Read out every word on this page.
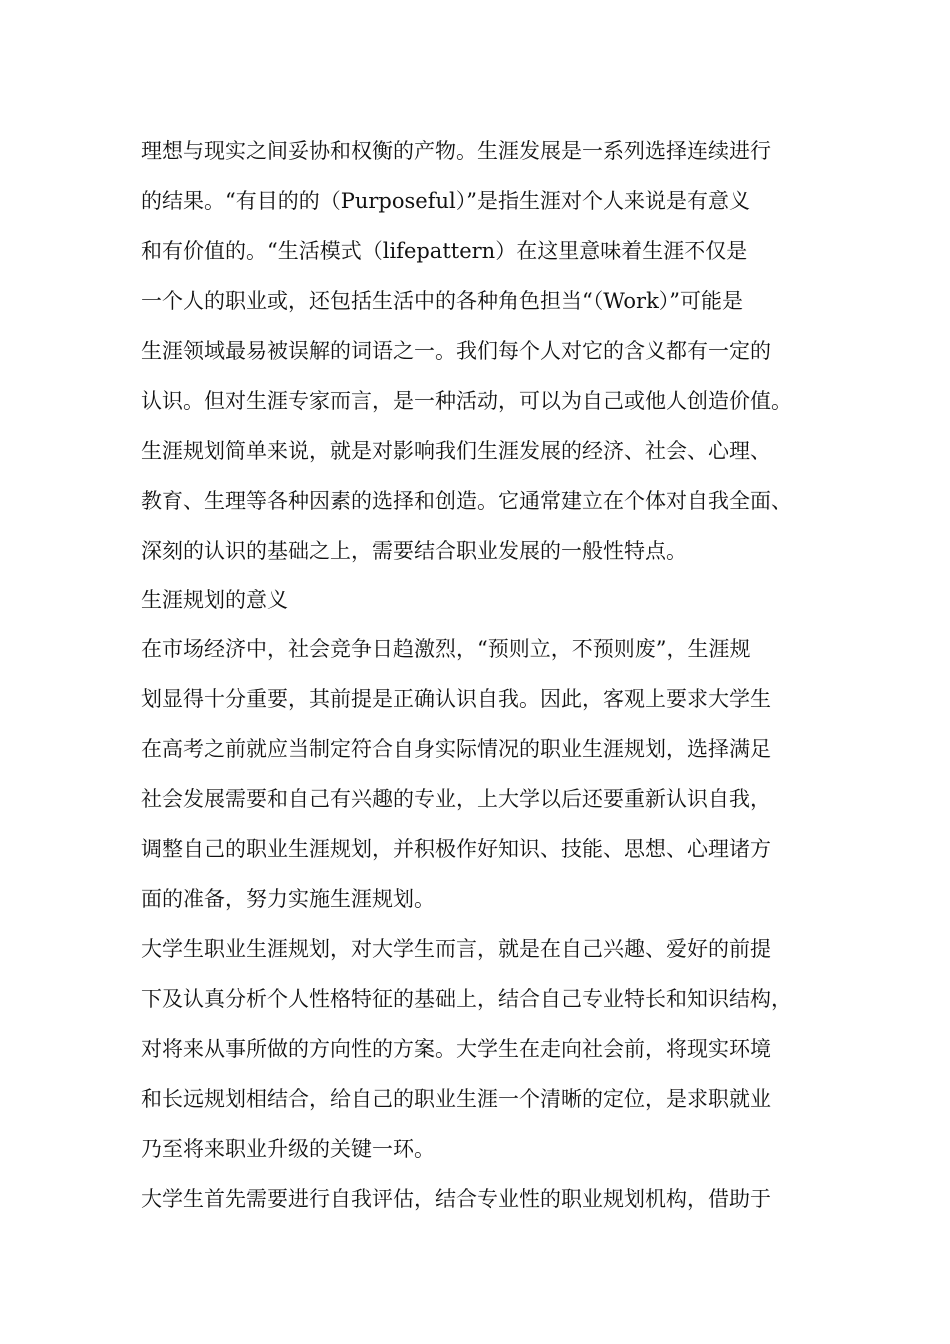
理想与现实之间妥协和权衡的产物。生涯发展是一系列选择连续进行
的结果。“有目的的（Purposeful）”是指生涯对个人来说是有意义
和有价值的。“生活模式（lifepattern）在这里意味着生涯不仅是
一个人的职业或，还包括生活中的各种角色担当“（Work）”可能是
生涯领域最易被误解的词语之一。我们每个人对它的含义都有一定的
认识。但对生涯专家而言，是一种活动，可以为自己或他人创造价值。
生涯规划简单来说，就是对影响我们生涯发展的经济、社会、心理、
教育、生理等各种因素的选择和创造。它通常建立在个体对自我全面、
深刻的认识的基础之上，需要结合职业发展的一般性特点。
生涯规划的意义
在市场经济中，社会竞争日趋激烈，“预则立，不预则废”，生涯规
划显得十分重要，其前提是正确认识自我。因此，客观上要求大学生
在高考之前就应当制定符合自身实际情况的职业生涯规划，选择满足
社会发展需要和自己有兴趣的专业，上大学以后还要重新认识自我，
调整自己的职业生涯规划，并积极作好知识、技能、思想、心理诸方
面的准备，努力实施生涯规划。
大学生职业生涯规划，对大学生而言，就是在自己兴趣、爱好的前提
下及认真分析个人性格特征的基础上，结合自己专业特长和知识结构，
对将来从事所做的方向性的方案。大学生在走向社会前，将现实环境
和长远规划相结合，给自己的职业生涯一个清晰的定位，是求职就业
乃至将来职业升级的关键一环。
大学生首先需要进行自我评估，结合专业性的职业规划机构，借助于
